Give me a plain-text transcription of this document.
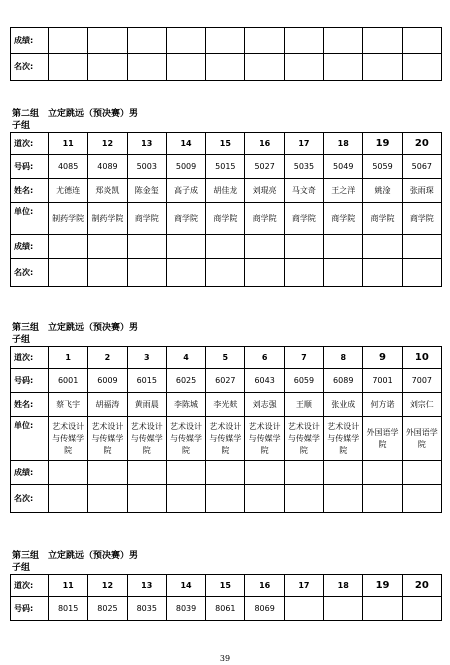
成绩:										
名次:										
第二组　立定跳远（预决赛）男
子组
道次:	11	12	13	14	15	16	17	18	19	20
号码:	4085	4089	5003	5009	5015	5027	5035	5049	5059	5067
姓名:	尤德连	郑炎凯	陈金玺	高子成	胡佳龙	刘琨亮	马文奇	王之洋	姚淦	张雨琛
单位:	制药学院	制药学院	商学院	商学院	商学院	商学院	商学院	商学院	商学院	商学院
成绩:										
名次:										
第三组　立定跳远（预决赛）男
子组
道次:	1	2	3	4	5	6	7	8	9	10
号码:	6001	6009	6015	6025	6027	6043	6059	6089	7001	7007
姓名:	蔡飞宇	胡福涛	黄雨晨	李陈城	李光麸	刘志强	王顺	张业成	何方诺	刘宗仁
单位:	艺术设计与传媒学院	艺术设计与传媒学院	艺术设计与传媒学院	艺术设计与传媒学院	艺术设计与传媒学院	艺术设计与传媒学院	艺术设计与传媒学院	艺术设计与传媒学院	外国语学院	外国语学院
成绩:										
名次:										
第三组　立定跳远（预决赛）男
子组
道次:	11	12	13	14	15	16	17	18	19	20
号码:	8015	8025	8035	8039	8061	8069				
39
